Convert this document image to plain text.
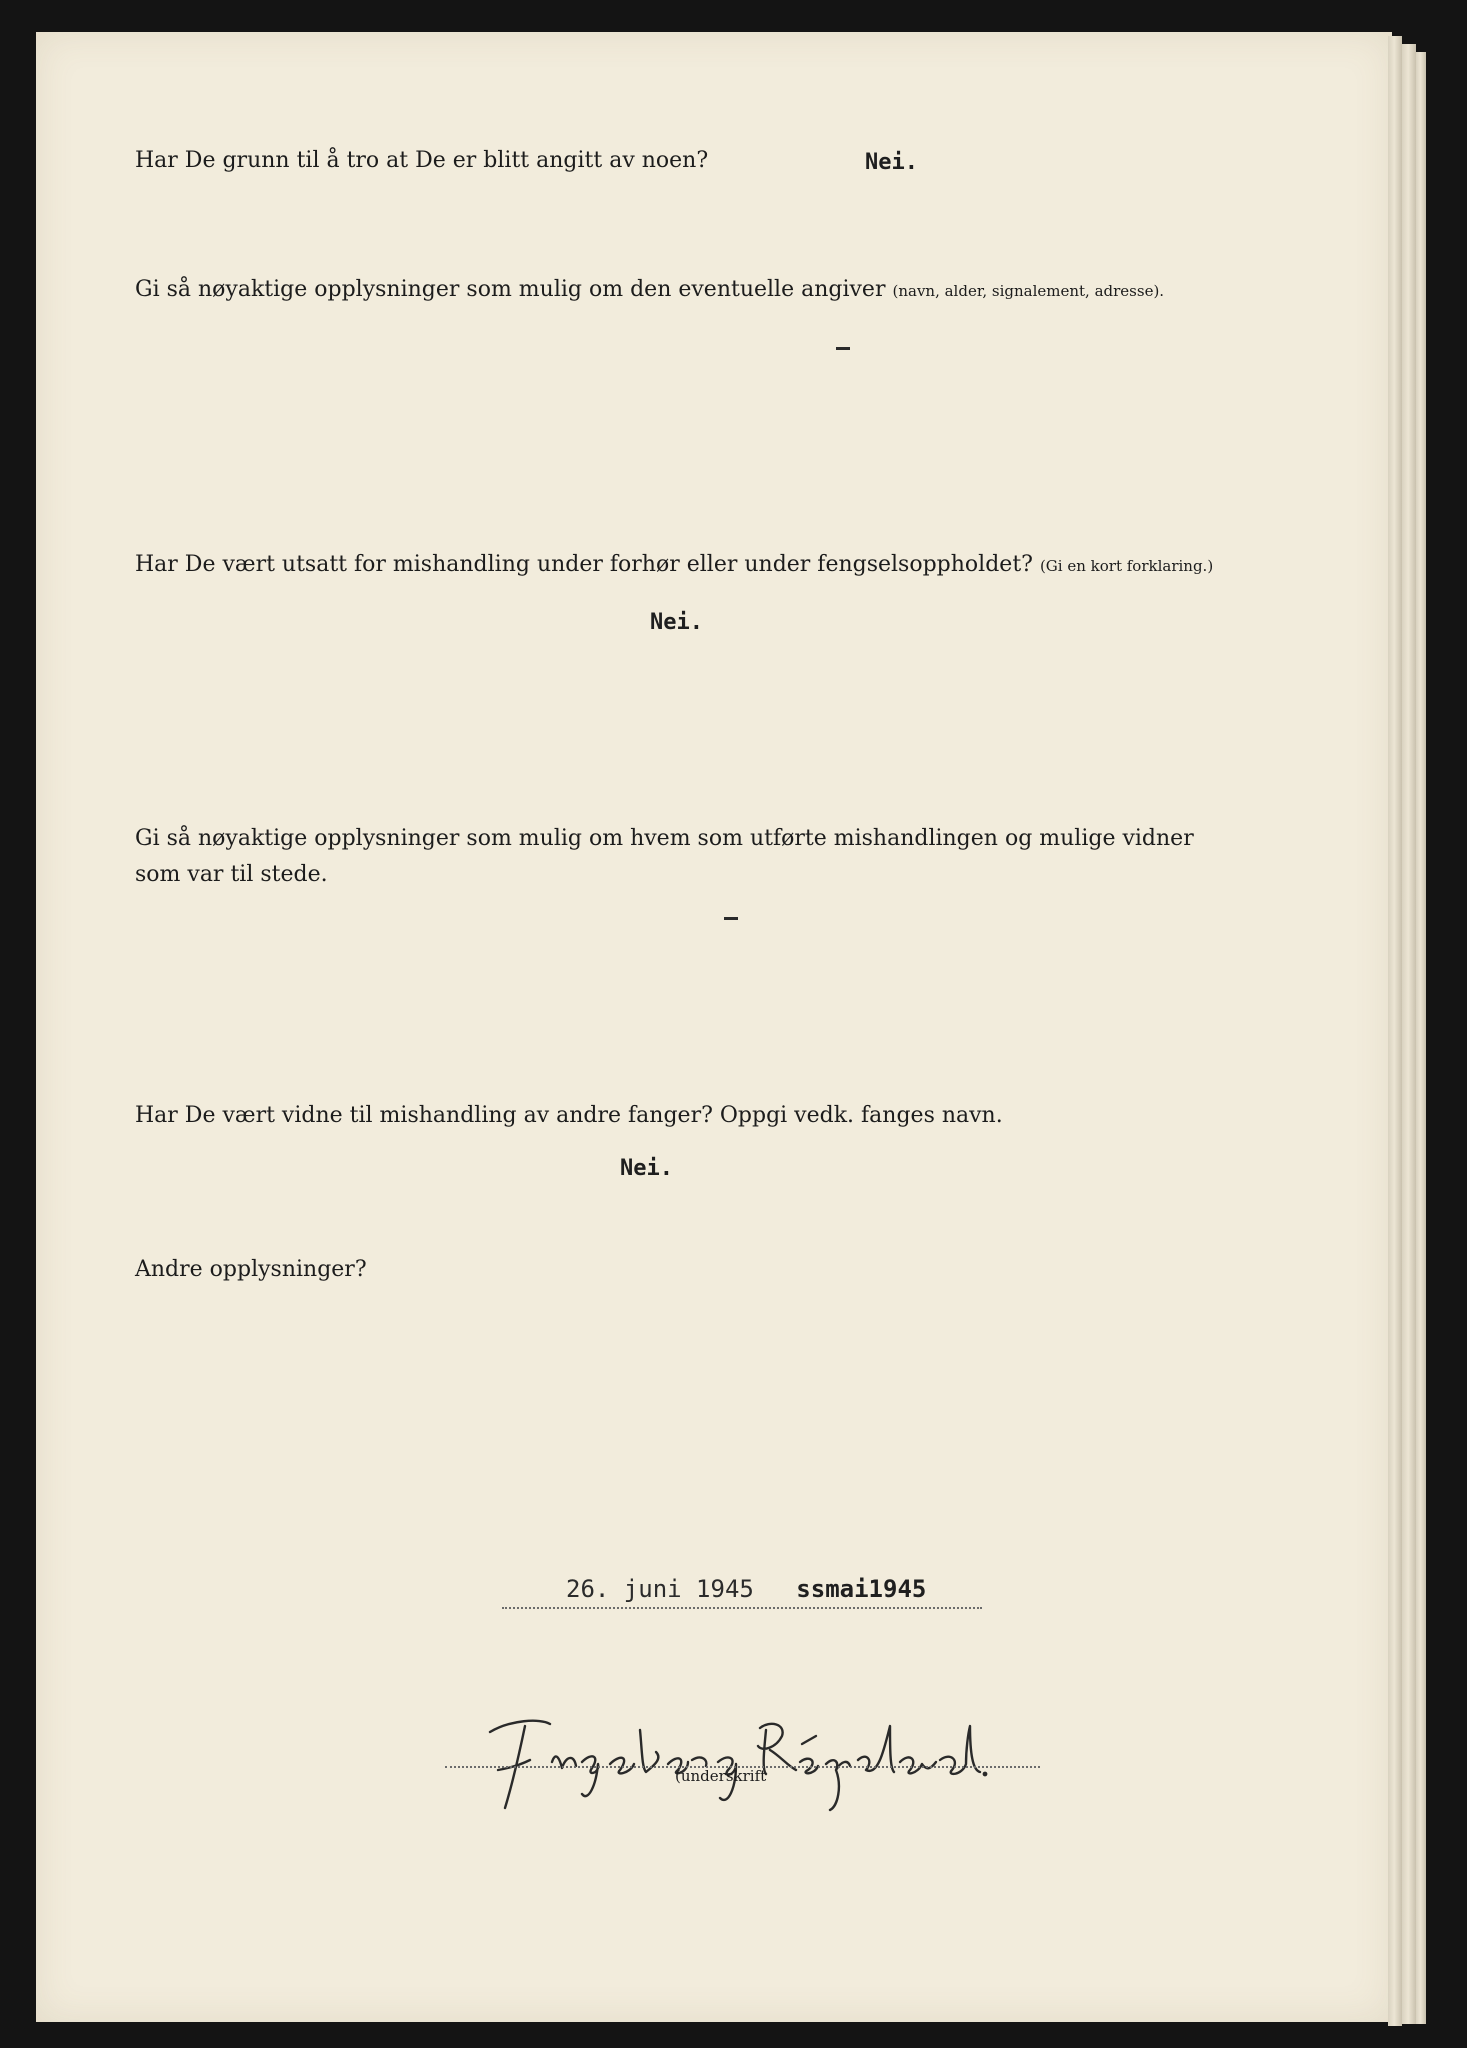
Har De grunn til å tro at De er blitt angitt av noen?	Nei.
Gi så nøyaktige opplysninger som mulig om den eventuelle angiver (navn, alder, signalement, adresse).
Har De vært utsatt for mishandling under forhør eller under fengselsoppholdet? (Gi en kort forklaring.)
Nei.
Gi så nøyaktige opplysninger som mulig om hvem som utførte mishandlingen og mulige vidner
som var til stede.
Har De vært vidne til mishandling av andre fanger? Oppgi vedk. fanges navn.
Nei.
Andre opplysninger?
26. juni 1945 ssmai1945
(underskrift
